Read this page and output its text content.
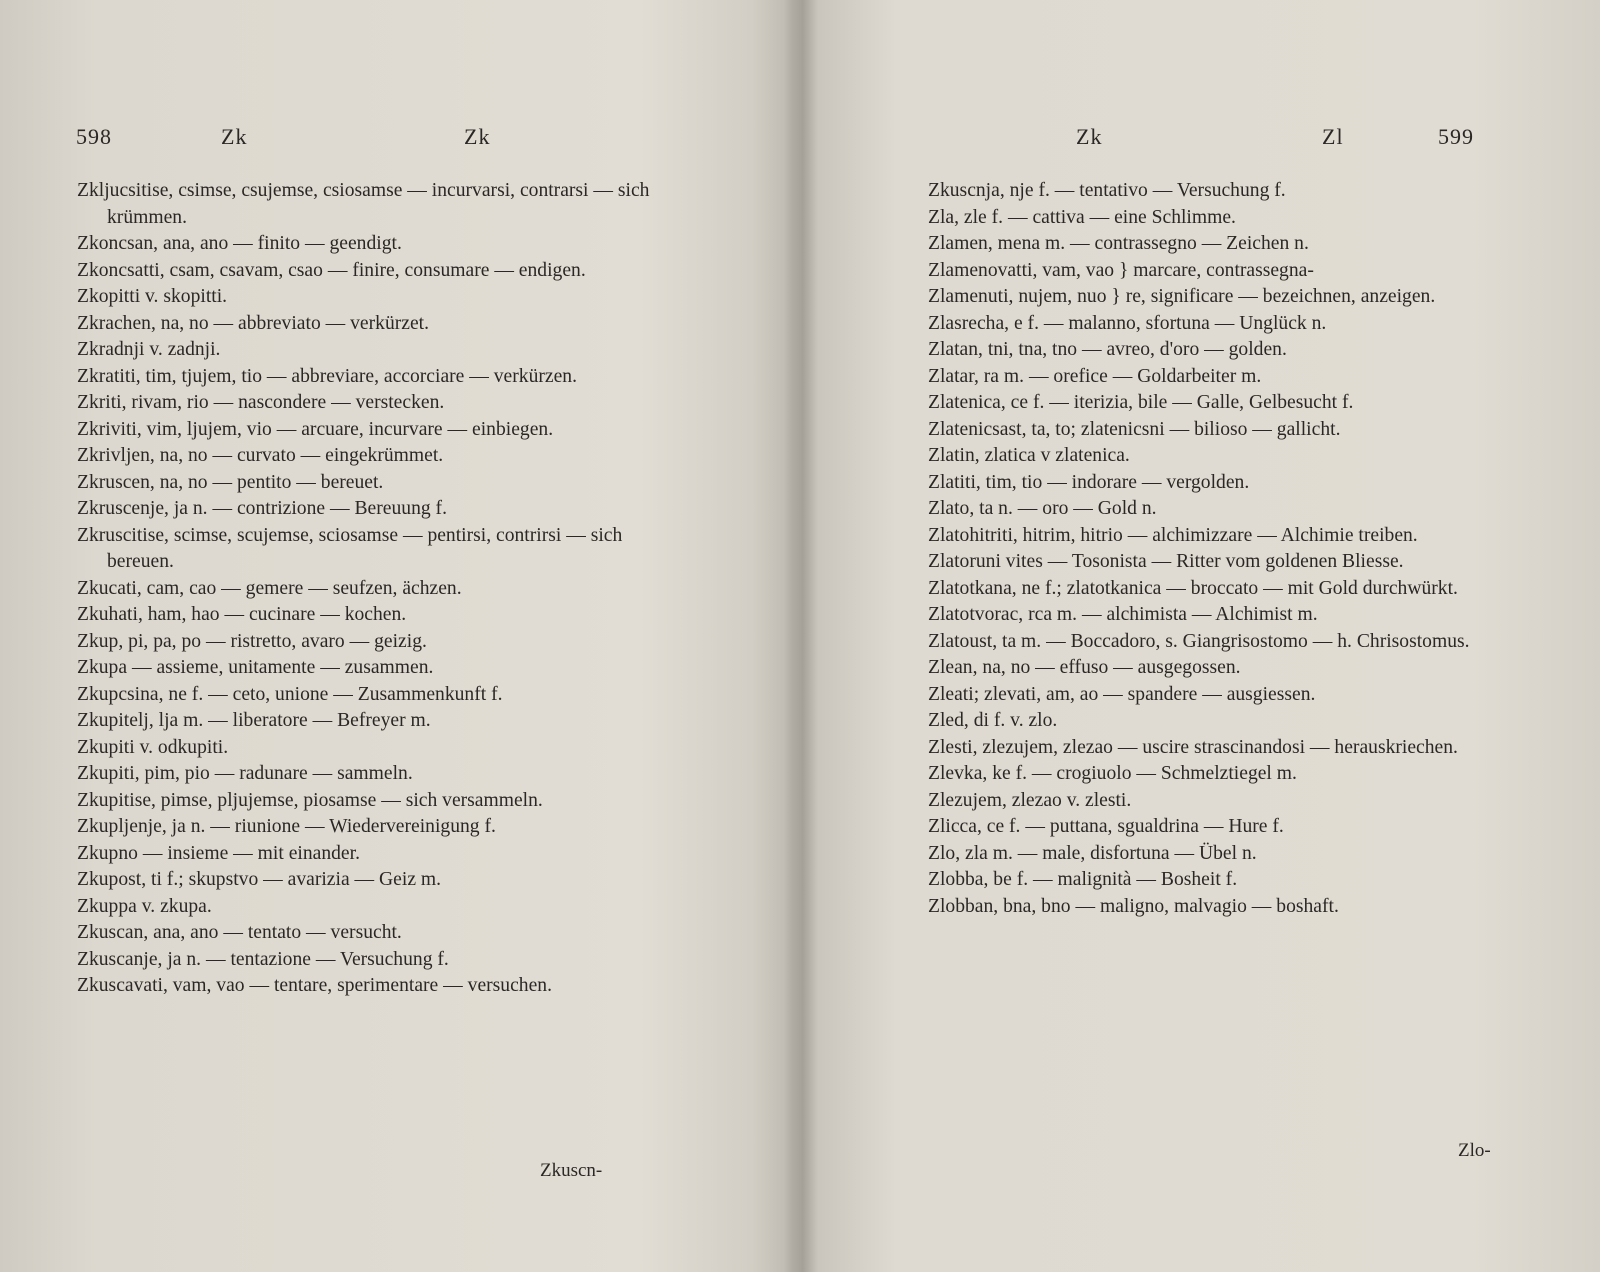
598	Zk	Zk
Zkljucsitise, csimse, csujemse, csiosamse — incurvarsi, contrarsi — sich krümmen.
Zkoncsan, ana, ano — finito — geendigt.
Zkoncsatti, csam, csavam, csao — finire, consumare — endigen.
Zkopitti v. skopitti.
Zkrachen, na, no — abbreviato — verkürzet.
Zkradnji v. zadnji.
Zkratiti, tim, tjujem, tio — abbreviare, accorciare — verkürzen.
Zkriti, rivam, rio — nascondere — verstecken.
Zkriviti, vim, ljujem, vio — arcuare, incurvare — einbiegen.
Zkrivljen, na, no — curvato — eingekrümmet.
Zkruscen, na, no — pentito — bereuet.
Zkruscenje, ja n. — contrizione — Bereuung f.
Zkruscitise, scimse, scujemse, sciosamse — pentirsi, contrirsi — sich bereuen.
Zkucati, cam, cao — gemere — seufzen, ächzen.
Zkuhati, ham, hao — cucinare — kochen.
Zkup, pi, pa, po — ristretto, avaro — geizig.
Zkupa — assieme, unitamente — zusammen.
Zkupcsina, ne f. — ceto, unione — Zusammenkunft f.
Zkupitelj, lja m. — liberatore — Befreyer m.
Zkupiti v. odkupiti.
Zkupiti, pim, pio — radunare — sammeln.
Zkupitise, pimse, pljujemse, piosamse — sich versammeln.
Zkupljenje, ja n. — riunione — Wiedervereinigung f.
Zkupno — insieme — mit einander.
Zkupost, ti f.; skupstvo — avarizia — Geiz m.
Zkuppa v. zkupa.
Zkuscan, ana, ano — tentato — versucht.
Zkuscanje, ja n. — tentazione — Versuchung f.
Zkuscavati, vam, vao — tentare, sperimentare — versuchen.
Zkuscn-
Zk	Zl	599
Zkuscnja, nje f. — tentativo — Versuchung f.
Zla, zle f. — cattiva — eine Schlimme.
Zlamen, mena m. — contrassegno — Zeichen n.
Zlamenovatti, vam, vao } marcare, contrassegna-
Zlamenuti, nujem, nuo } re, significare — bezeichnen, anzeigen.
Zlasrecha, e f. — malanno, sfortuna — Unglück n.
Zlatan, tni, tna, tno — avreo, d'oro — golden.
Zlatar, ra m. — orefice — Goldarbeiter m.
Zlatenica, ce f. — iterizia, bile — Galle, Gelbesucht f.
Zlatenicsast, ta, to; zlatenicsni — bilioso — gallicht.
Zlatin, zlatica v zlatenica.
Zlatiti, tim, tio — indorare — vergolden.
Zlato, ta n. — oro — Gold n.
Zlatohitriti, hitrim, hitrio — alchimizzare — Alchimie treiben.
Zlatoruni vites — Tosonista — Ritter vom goldenen Bliesse.
Zlatotkana, ne f.; zlatotkanica — broccato — mit Gold durchwürkt.
Zlatotvorac, rca m. — alchimista — Alchimist m.
Zlatoust, ta m. — Boccadoro, s. Giangrisostomo — h. Chrisostomus.
Zlean, na, no — effuso — ausgegossen.
Zleati; zlevati, am, ao — spandere — ausgiessen.
Zled, di f. v. zlo.
Zlesti, zlezujem, zlezao — uscire strascinandosi — herauskriechen.
Zlevka, ke f. — crogiuolo — Schmelztiegel m.
Zlezujem, zlezao v. zlesti.
Zlicca, ce f. — puttana, sgualdrina — Hure f.
Zlo, zla m. — male, disfortuna — Übel n.
Zlobba, be f. — malignità — Bosheit f.
Zlobban, bna, bno — maligno, malvagio — boshaft.
Zlo-
